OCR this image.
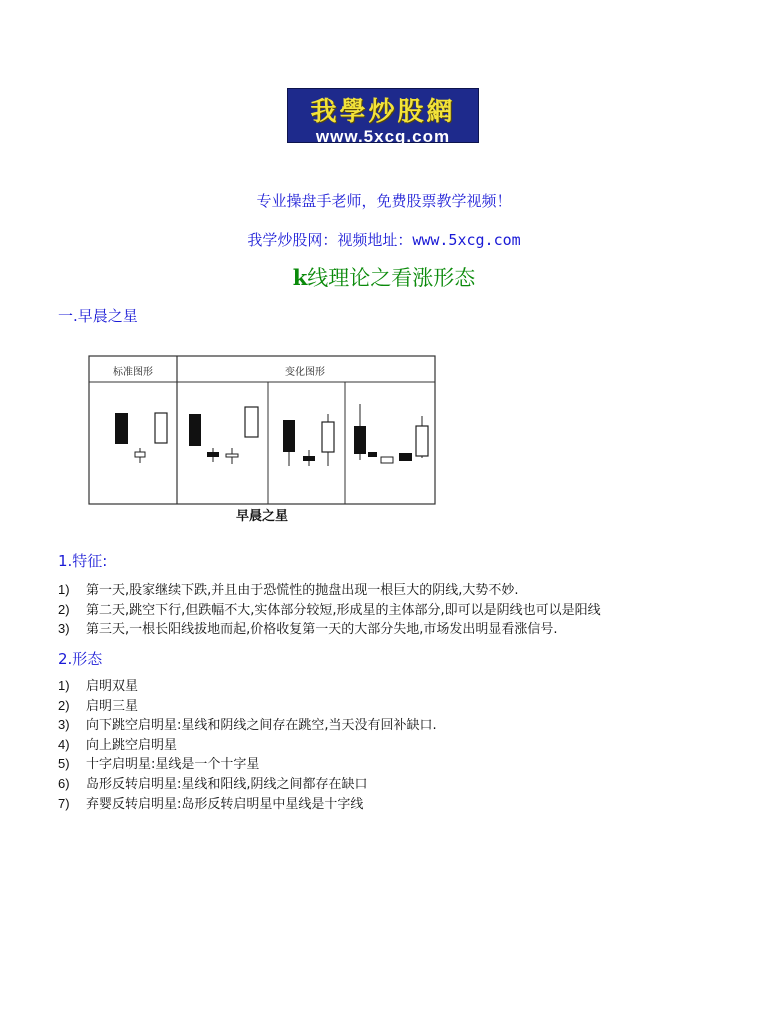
我學炒股網
www.5xcg.com
专业操盘手老师，免费股票教学视频！
我学炒股网：视频地址：www.5xcg.com
k线理论之看涨形态
一.早晨之星
标准图形	变化图形
早晨之星
1.特征:
1) 第一天,股家继续下跌,并且由于恐慌性的抛盘出现一根巨大的阴线,大势不妙.
2) 第二天,跳空下行,但跌幅不大,实体部分较短,形成星的主体部分,即可以是阴线也可以是阳线
3) 第三天,一根长阳线拔地而起,价格收复第一天的大部分失地,市场发出明显看涨信号.
2.形态
1) 启明双星
2) 启明三星
3) 向下跳空启明星:星线和阴线之间存在跳空,当天没有回补缺口.
4) 向上跳空启明星
5) 十字启明星:星线是一个十字星
6) 岛形反转启明星:星线和阳线,阴线之间都存在缺口
7) 弃婴反转启明星:岛形反转启明星中星线是十字线
